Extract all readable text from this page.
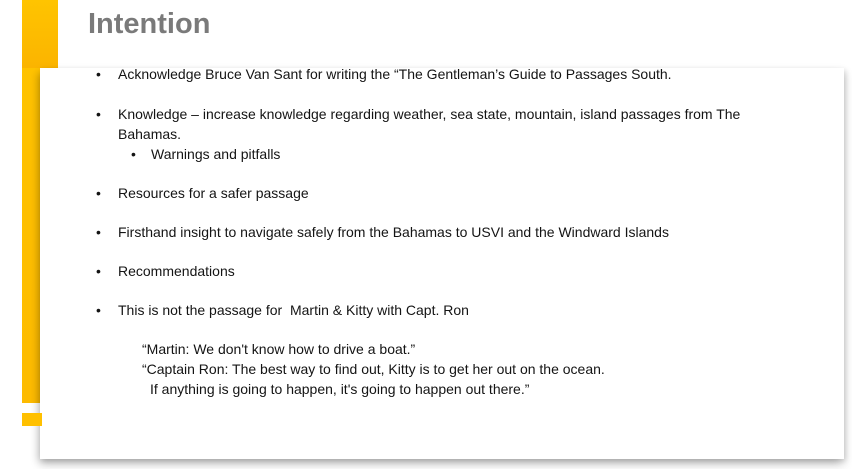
Intention
• Acknowledge Bruce Van Sant for writing the “The Gentleman’s Guide to Passages South.
• Knowledge – increase knowledge regarding weather, sea state, mountain, island passages from The Bahamas.
• Warnings and pitfalls
• Resources for a safer passage
• Firsthand insight to navigate safely from the Bahamas to USVI and the Windward Islands
• Recommendations
• This is not the passage for  Martin & Kitty with Capt. Ron
“Martin: We don't know how to drive a boat.”
“Captain Ron: The best way to find out, Kitty is to get her out on the ocean.
If anything is going to happen, it's going to happen out there.”
